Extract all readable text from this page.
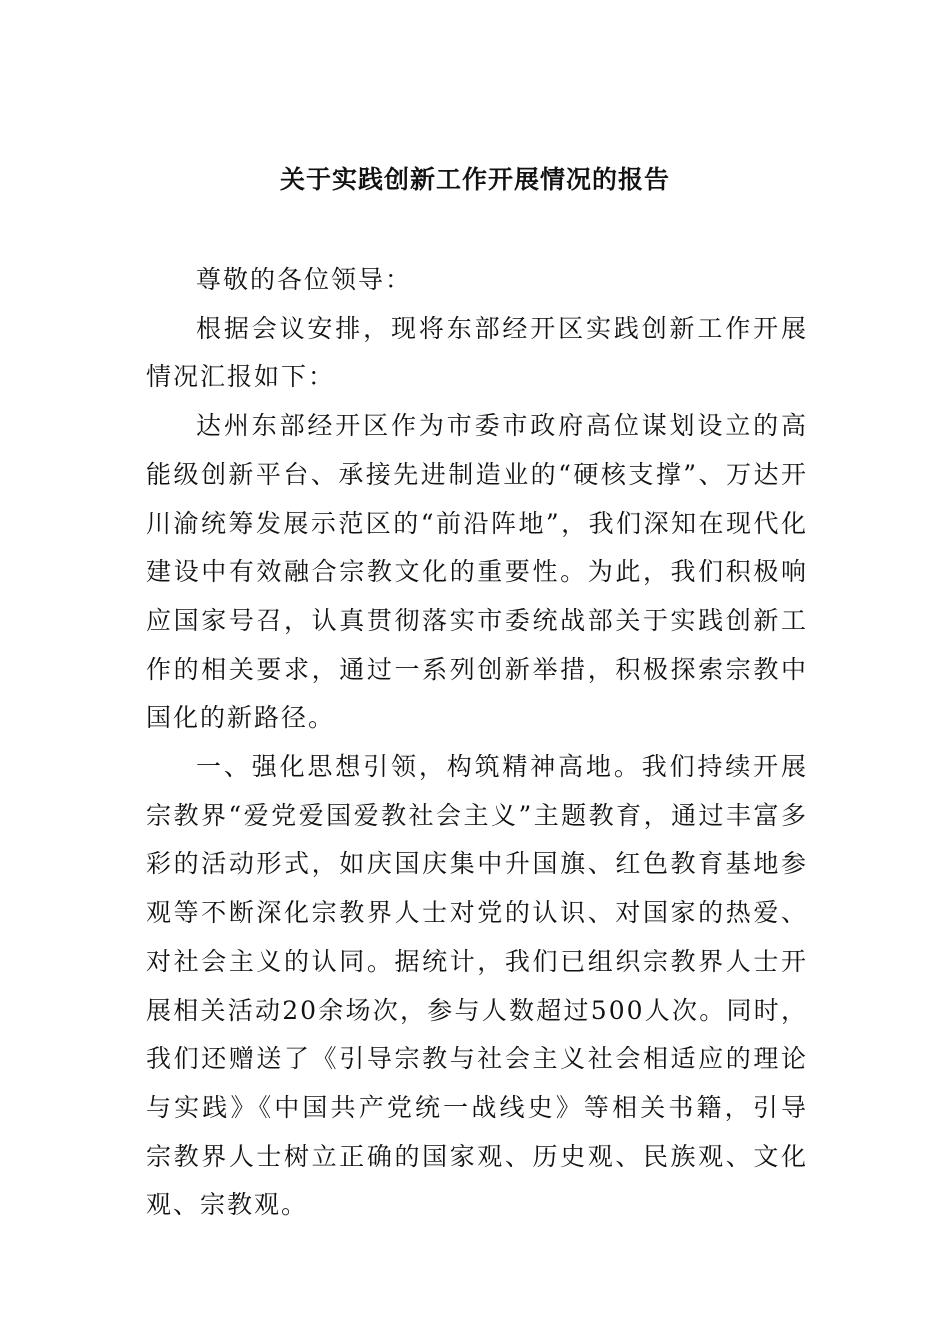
关于实践创新工作开展情况的报告

尊敬的各位领导：

根据会议安排，现将东部经开区实践创新工作开展情况汇报如下：

达州东部经开区作为市委市政府高位谋划设立的高能级创新平台、承接先进制造业的“硬核支撑”、万达开川渝统筹发展示范区的“前沿阵地”，我们深知在现代化建设中有效融合宗教文化的重要性。为此，我们积极响应国家号召，认真贯彻落实市委统战部关于实践创新工作的相关要求，通过一系列创新举措，积极探索宗教中国化的新路径。

一、强化思想引领，构筑精神高地。我们持续开展宗教界“爱党爱国爱教社会主义”主题教育，通过丰富多彩的活动形式，如庆国庆集中升国旗、红色教育基地参观等不断深化宗教界人士对党的认识、对国家的热爱、对社会主义的认同。据统计，我们已组织宗教界人士开展相关活动20余场次，参与人数超过500人次。同时，我们还赠送了《引导宗教与社会主义社会相适应的理论与实践》《中国共产党统一战线史》等相关书籍，引导宗教界人士树立正确的国家观、历史观、民族观、文化观、宗教观。
